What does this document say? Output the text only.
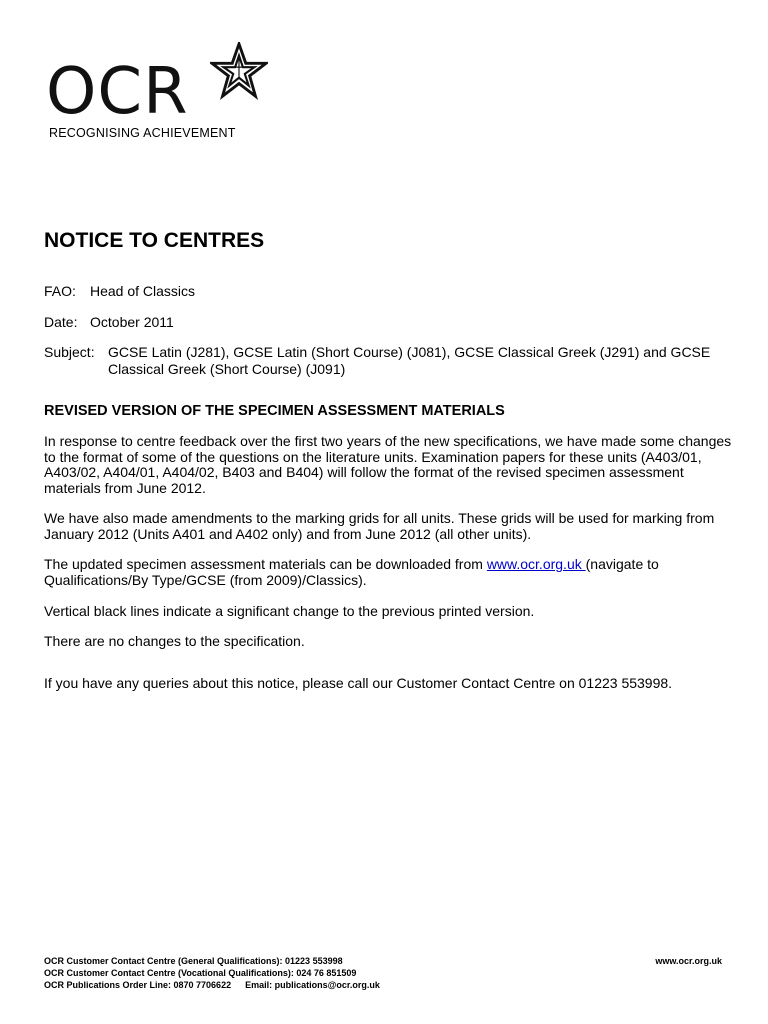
OCR
RECOGNISING ACHIEVEMENT
NOTICE TO CENTRES
FAO: Head of Classics
Date: October 2011
Subject: GCSE Latin (J281), GCSE Latin (Short Course) (J081), GCSE Classical Greek (J291) and GCSE Classical Greek (Short Course) (J091)
REVISED VERSION OF THE SPECIMEN ASSESSMENT MATERIALS

In response to centre feedback over the first two years of the new specifications, we have made some changes to the format of some of the questions on the literature units. Examination papers for these units (A403/01, A403/02, A404/01, A404/02, B403 and B404) will follow the format of the revised specimen assessment materials from June 2012.

We have also made amendments to the marking grids for all units. These grids will be used for marking from January 2012 (Units A401 and A402 only) and from June 2012 (all other units).

The updated specimen assessment materials can be downloaded from www.ocr.org.uk (navigate to Qualifications/By Type/GCSE (from 2009)/Classics).

Vertical black lines indicate a significant change to the previous printed version.

There are no changes to the specification.

If you have any queries about this notice, please call our Customer Contact Centre on 01223 553998.

OCR Customer Contact Centre (General Qualifications): 01223 553998
OCR Customer Contact Centre (Vocational Qualifications): 024 76 851509
OCR Publications Order Line: 0870 7706622 Email: publications@ocr.org.uk
www.ocr.org.uk
